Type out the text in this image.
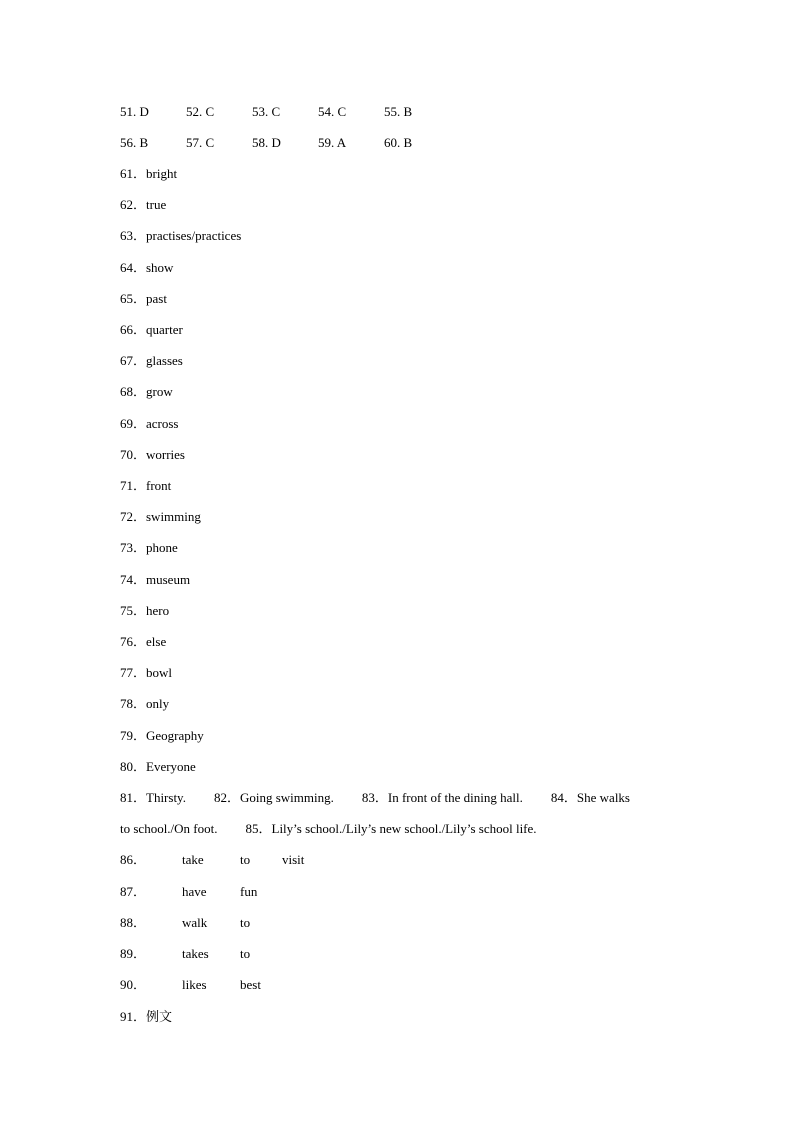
51. D	52. C	53. C	54. C	55. B
56. B	57. C	58. D	59. A	60. B
61．bright
62．true
63．practises/practices
64．show
65．past
66．quarter
67．glasses
68．grow
69．across
70．worries
71．front
72．swimming
73．phone
74．museum
75．hero
76．else
77．bowl
78．only
79．Geography
80．Everyone
81．Thirsty. 82．Going swimming. 83．In front of the dining hall. 84．She walks
to school./On foot. 85．Lily’s school./Lily’s new school./Lily’s school life.
86．	take	to visit
87．	have	fun
88．	walk	to
89．	takes to
90．	likes	best
91．例文
